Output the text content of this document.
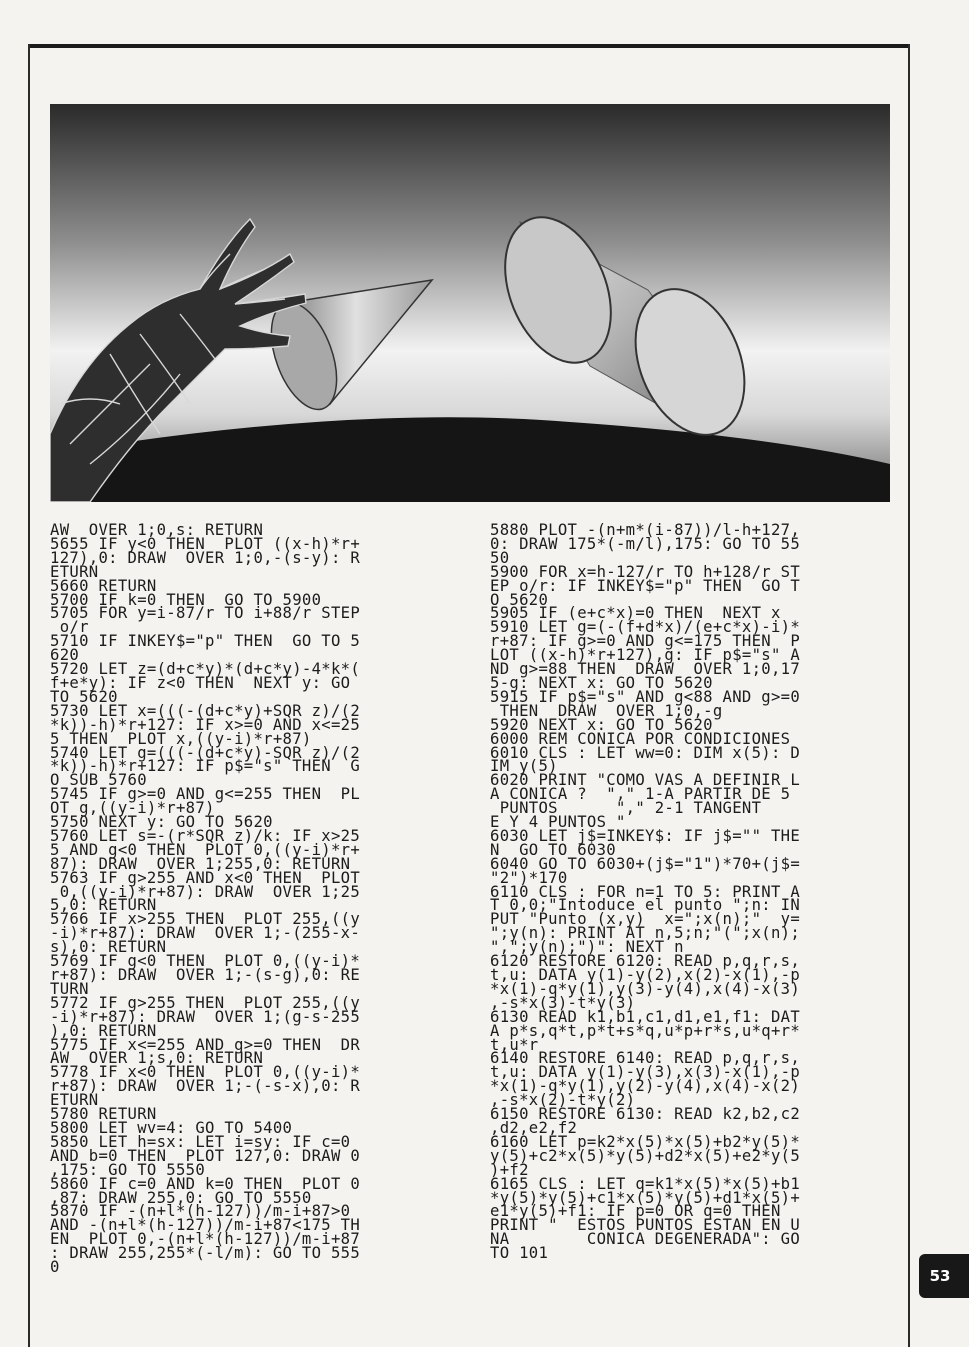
AW  OVER 1;0,s: RETURN
5655 IF y<0 THEN  PLOT ((x-h)*r+
127),0: DRAW  OVER 1;0,-(s-y): R
ETURN
5660 RETURN
5700 IF k=0 THEN  GO TO 5900
5705 FOR y=i-87/r TO i+88/r STEP
o/r
5710 IF INKEY$="p" THEN  GO TO 5
620
5720 LET z=(d+c*y)*(d+c*y)-4*k*(
f+e*y): IF z<0 THEN  NEXT y: GO
TO 5620
5730 LET x=(((-(d+c*y)+SQR z)/(2
*k))-h)*r+127: IF x>=0 AND x<=25
5 THEN  PLOT x,((y-i)*r+87)
5740 LET g=(((-(d+c*y)-SQR z)/(2
*k))-h)*r+127: IF p$="s" THEN  G
O SUB 5760
5745 IF g>=0 AND g<=255 THEN  PL
OT g,((y-i)*r+87)
5750 NEXT y: GO TO 5620
5760 LET s=-(r*SQR z)/k: IF x>25
5 AND g<0 THEN  PLOT 0,((y-i)*r+
87): DRAW  OVER 1;255,0: RETURN
5763 IF g>255 AND x<0 THEN  PLOT
0,((y-i)*r+87): DRAW  OVER 1;25
5,0: RETURN
5766 IF x>255 THEN  PLOT 255,((y
-i)*r+87): DRAW  OVER 1;-(255-x-
s),0: RETURN
5769 IF g<0 THEN  PLOT 0,((y-i)*
r+87): DRAW  OVER 1;-(s-g),0: RE
TURN
5772 IF g>255 THEN  PLOT 255,((y
-i)*r+87): DRAW  OVER 1;(g-s-255
),0: RETURN
5775 IF x<=255 AND g>=0 THEN  DR
AW  OVER 1;s,0: RETURN
5778 IF x<0 THEN  PLOT 0,((y-i)*
r+87): DRAW  OVER 1;-(-s-x),0: R
ETURN
5780 RETURN
5800 LET wv=4: GO TO 5400
5850 LET h=sx: LET i=sy: IF c=0
AND b=0 THEN  PLOT 127,0: DRAW 0
,175: GO TO 5550
5860 IF c=0 AND k=0 THEN  PLOT 0
,87: DRAW 255,0: GO TO 5550
5870 IF -(n+l*(h-127))/m-i+87>0
AND -(n+l*(h-127))/m-i+87<175 TH
EN  PLOT 0,-(n+l*(h-127))/m-i+87
: DRAW 255,255*(-l/m): GO TO 555
0
5880 PLOT -(n+m*(i-87))/l-h+127,
0: DRAW 175*(-m/l),175: GO TO 55
50
5900 FOR x=h-127/r TO h+128/r ST
EP o/r: IF INKEY$="p" THEN  GO T
O 5620
5905 IF (e+c*x)=0 THEN  NEXT x
5910 LET g=(-(f+d*x)/(e+c*x)-i)*
r+87: IF g>=0 AND g<=175 THEN  P
LOT ((x-h)*r+127),g: IF p$="s" A
ND g>=88 THEN  DRAW  OVER 1;0,17
5-g: NEXT x: GO TO 5620
5915 IF p$="s" AND g<88 AND g>=0
THEN  DRAW  OVER 1;0,-g
5920 NEXT x: GO TO 5620
6000 REM CONICA POR CONDICIONES
6010 CLS : LET ww=0: DIM x(5): D
IM y(5)
6020 PRINT "COMO VAS A DEFINIR L
A CONICA ?  "," 1-A PARTIR DE 5
PUNTOS      "," 2-1 TANGENT
E Y 4 PUNTOS "
6030 LET j$=INKEY$: IF j$="" THE
N  GO TO 6030
6040 GO TO 6030+(j$="1")*70+(j$=
"2")*170
6110 CLS : FOR n=1 TO 5: PRINT A
T 0,0;"Intoduce el punto ";n: IN
PUT "Punto (x,y)  x=";x(n);"  y=
";y(n): PRINT AT n,5;n;"(";x(n);
",";y(n);")": NEXT n
6120 RESTORE 6120: READ p,q,r,s,
t,u: DATA y(1)-y(2),x(2)-x(1),-p
*x(1)-q*y(1),y(3)-y(4),x(4)-x(3)
,-s*x(3)-t*y(3)
6130 READ k1,b1,c1,d1,e1,f1: DAT
A p*s,q*t,p*t+s*q,u*p+r*s,u*q+r*
t,u*r
6140 RESTORE 6140: READ p,q,r,s,
t,u: DATA y(1)-y(3),x(3)-x(1),-p
*x(1)-q*y(1),y(2)-y(4),x(4)-x(2)
,-s*x(2)-t*y(2)
6150 RESTORE 6130: READ k2,b2,c2
,d2,e2,f2
6160 LET p=k2*x(5)*x(5)+b2*y(5)*
y(5)+c2*x(5)*y(5)+d2*x(5)+e2*y(5
)+f2
6165 CLS : LET q=k1*x(5)*x(5)+b1
*y(5)*y(5)+c1*x(5)*y(5)+d1*x(5)+
e1*y(5)+f1: IF p=0 OR q=0 THEN
PRINT "  ESTOS PUNTOS ESTAN EN U
NA        CONICA DEGENERADA": GO
TO 101
53
